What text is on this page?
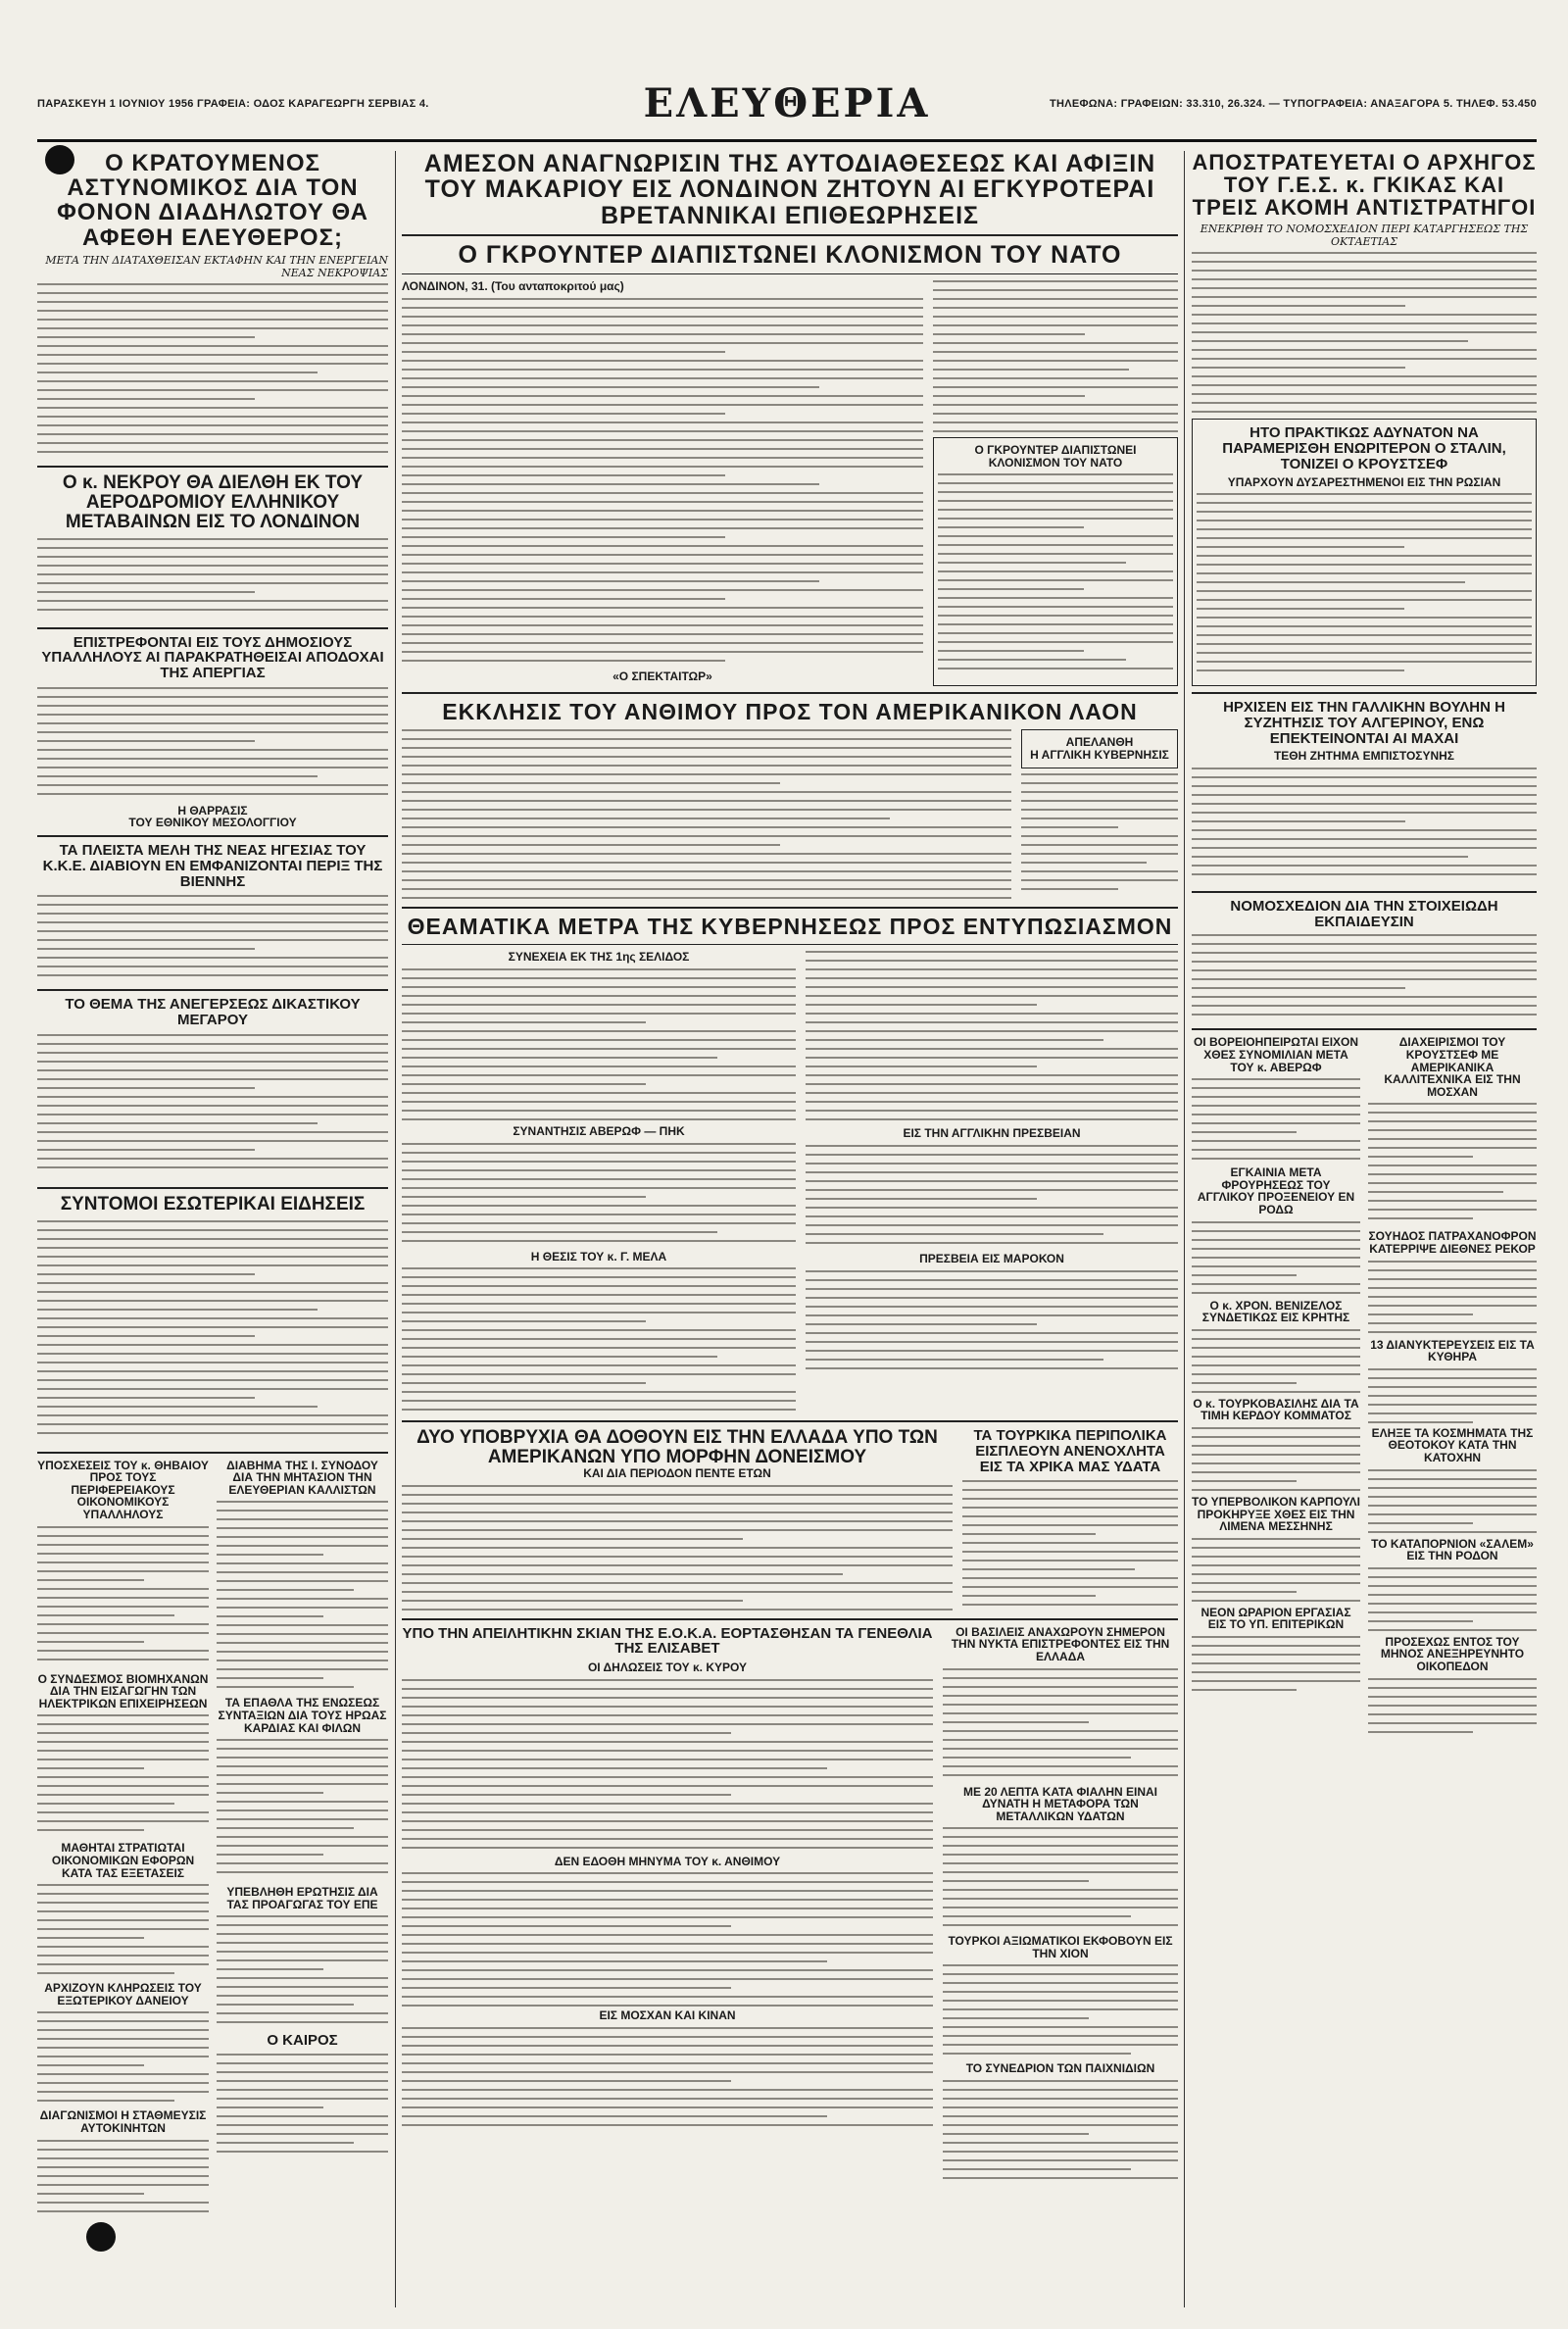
ΠΑΡΑΣΚΕΥΗ 1 ΙΟΥΝΙΟΥ 1956 ΓΡΑΦΕΙΑ: ΟΔΟΣ ΚΑΡΑΓΕΩΡΓΗ ΣΕΡΒΙΑΣ 4.	ΕΛΕΥΘΕΡΙΑ	ΤΗΛΕΦΩΝΑ: ΓΡΑΦΕΙΩΝ: 33.310, 26.324. — ΤΥΠΟΓΡΑΦΕΙΑ: ΑΝΑΞΑΓΟΡΑ 5. ΤΗΛΕΦ. 53.450
Ο ΚΡΑΤΟΥΜΕΝΟΣ ΑΣΤΥΝΟΜΙΚΟΣ ΔΙΑ ΤΟΝ ΦΟΝΟΝ ΔΙΑΔΗΛΩΤΟΥ ΘΑ ΑΦΕΘΗ ΕΛΕΥΘΕΡΟΣ;
ΜΕΤΑ ΤΗΝ ΔΙΑΤΑΧΘΕΙΣΑΝ ΕΚΤΑΦΗΝ ΚΑΙ ΤΗΝ ΕΝΕΡΓΕΙΑΝ ΝΕΑΣ ΝΕΚΡΟΨΙΑΣ
Ο κ. ΝΕΚΡΟΥ ΘΑ ΔΙΕΛΘΗ ΕΚ ΤΟΥ ΑΕΡΟΔΡΟΜΙΟΥ ΕΛΛΗΝΙΚΟΥ ΜΕΤΑΒΑΙΝΩΝ ΕΙΣ ΤΟ ΛΟΝΔΙΝΟΝ
ΕΠΙΣΤΡΕΦΟΝΤΑΙ ΕΙΣ ΤΟΥΣ ΔΗΜΟΣΙΟΥΣ ΥΠΑΛΛΗΛΟΥΣ ΑΙ ΠΑΡΑΚΡΑΤΗΘΕΙΣΑΙ ΑΠΟΔΟΧΑΙ ΤΗΣ ΑΠΕΡΓΙΑΣ
Η ΘΑΡΡΑΣΙΣ
ΤΟΥ ΕΘΝΙΚΟΥ ΜΕΣΟΛΟΓΓΙΟΥ
ΤΑ ΠΛΕΙΣΤΑ ΜΕΛΗ ΤΗΣ ΝΕΑΣ ΗΓΕΣΙΑΣ ΤΟΥ Κ.Κ.Ε. ΔΙΑΒΙΟΥΝ ΕΝ ΕΜΦΑΝΙΖΟΝΤΑΙ ΠΕΡΙΞ ΤΗΣ ΒΙΕΝΝΗΣ
ΤΟ ΘΕΜΑ ΤΗΣ ΑΝΕΓΕΡΣΕΩΣ ΔΙΚΑΣΤΙΚΟΥ ΜΕΓΑΡΟΥ
ΣΥΝΤΟΜΟΙ ΕΣΩΤΕΡΙΚΑΙ ΕΙΔΗΣΕΙΣ
ΥΠΟΣΧΕΣΕΙΣ ΤΟΥ κ. ΘΗΒΑΙΟΥ ΠΡΟΣ ΤΟΥΣ ΠΕΡΙΦΕΡΕΙΑΚΟΥΣ ΟΙΚΟΝΟΜΙΚΟΥΣ ΥΠΑΛΛΗΛΟΥΣ
Ο ΣΥΝΔΕΣΜΟΣ ΒΙΟΜΗΧΑΝΩΝ ΔΙΑ ΤΗΝ ΕΙΣΑΓΩΓΗΝ ΤΩΝ ΗΛΕΚΤΡΙΚΩΝ ΕΠΙΧΕΙΡΗΣΕΩΝ
ΜΑΘΗΤΑΙ ΣΤΡΑΤΙΩΤΑΙ ΟΙΚΟΝΟΜΙΚΩΝ ΕΦΟΡΩΝ ΚΑΤΑ ΤΑΣ ΕΞΕΤΑΣΕΙΣ
ΑΡΧΙΖΟΥΝ ΚΛΗΡΩΣΕΙΣ ΤΟΥ ΕΞΩΤΕΡΙΚΟΥ ΔΑΝΕΙΟΥ
ΔΙΑΓΩΝΙΣΜΟΙ Η ΣΤΑΘΜΕΥΣΙΣ ΑΥΤΟΚΙΝΗΤΩΝ
ΔΙΑΒΗΜΑ ΤΗΣ Ι. ΣΥΝΟΔΟΥ ΔΙΑ ΤΗΝ ΜΗΤΑΣΙΟΝ ΤΗΝ ΕΛΕΥΘΕΡΙΑΝ ΚΑΛΛΙΣΤΩΝ
ΤΑ ΕΠΑΘΛΑ ΤΗΣ ΕΝΩΣΕΩΣ ΣΥΝΤΑΞΙΩΝ ΔΙΑ ΤΟΥΣ ΗΡΩΑΣ ΚΑΡΔΙΑΣ ΚΑΙ ΦΙΛΩΝ
ΥΠΕΒΛΗΘΗ ΕΡΩΤΗΣΙΣ ΔΙΑ ΤΑΣ ΠΡΟΑΓΩΓΑΣ ΤΟΥ ΕΠΕ
Ο ΚΑΙΡΟΣ
ΑΜΕΣΟΝ ΑΝΑΓΝΩΡΙΣΙΝ ΤΗΣ ΑΥΤΟΔΙΑΘΕΣΕΩΣ ΚΑΙ ΑΦΙΞΙΝ ΤΟΥ ΜΑΚΑΡΙΟΥ ΕΙΣ ΛΟΝΔΙΝΟΝ ΖΗΤΟΥΝ ΑΙ ΕΓΚΥΡΟΤΕΡΑΙ ΒΡΕΤΑΝΝΙΚΑΙ ΕΠΙΘΕΩΡΗΣΕΙΣ
Ο ΓΚΡΟΥΝΤΕΡ ΔΙΑΠΙΣΤΩΝΕΙ ΚΛΟΝΙΣΜΟΝ ΤΟΥ ΝΑΤΟ
ΛΟΝΔΙΝΟΝ, 31. (Του ανταποκριτού μας)
«Ο ΣΠΕΚΤΑΙΤΩΡ»
Ο ΓΚΡΟΥΝΤΕΡ ΔΙΑΠΙΣΤΩΝΕΙ ΚΛΟΝΙΣΜΟΝ ΤΟΥ ΝΑΤΟ
ΕΚΚΛΗΣΙΣ ΤΟΥ ΑΝΘΙΜΟΥ ΠΡΟΣ ΤΟΝ ΑΜΕΡΙΚΑΝΙΚΟΝ ΛΑΟΝ
ΑΠΕΛΑΝΘΗ
Η ΑΓΓΛΙΚΗ ΚΥΒΕΡΝΗΣΙΣ
ΘΕΑΜΑΤΙΚΑ ΜΕΤΡΑ ΤΗΣ ΚΥΒΕΡΝΗΣΕΩΣ ΠΡΟΣ ΕΝΤΥΠΩΣΙΑΣΜΟΝ
ΣΥΝΕΧΕΙΑ ΕΚ ΤΗΣ 1ης ΣΕΛΙΔΟΣ
ΣΥΝΑΝΤΗΣΙΣ ΑΒΕΡΩΦ — ΠΗΚ
Η ΘΕΣΙΣ ΤΟΥ κ. Γ. ΜΕΛΑ
ΕΙΣ ΤΗΝ ΑΓΓΛΙΚΗΝ ΠΡΕΣΒΕΙΑΝ
ΠΡΕΣΒΕΙΑ ΕΙΣ ΜΑΡΟΚΟΝ
ΔΥΟ ΥΠΟΒΡΥΧΙΑ ΘΑ ΔΟΘΟΥΝ ΕΙΣ ΤΗΝ ΕΛΛΑΔΑ ΥΠΟ ΤΩΝ ΑΜΕΡΙΚΑΝΩΝ ΥΠΟ ΜΟΡΦΗΝ ΔΟΝΕΙΣΜΟΥ
ΚΑΙ ΔΙΑ ΠΕΡΙΟΔΟΝ ΠΕΝΤΕ ΕΤΩΝ
ΤΑ ΤΟΥΡΚΙΚΑ ΠΕΡΙΠΟΛΙΚΑ ΕΙΣΠΛΕΟΥΝ ΑΝΕΝΟΧΛΗΤΑ ΕΙΣ ΤΑ ΧΡΙΚΑ ΜΑΣ ΥΔΑΤΑ
ΥΠΟ ΤΗΝ ΑΠΕΙΛΗΤΙΚΗΝ ΣΚΙΑΝ ΤΗΣ Ε.Ο.Κ.Α. ΕΟΡΤΑΣΘΗΣΑΝ ΤΑ ΓΕΝΕΘΛΙΑ ΤΗΣ ΕΛΙΣΑΒΕΤ
ΟΙ ΔΗΛΩΣΕΙΣ ΤΟΥ κ. ΚΥΡΟΥ
ΔΕΝ ΕΔΟΘΗ ΜΗΝΥΜΑ ΤΟΥ κ. ΑΝΘΙΜΟΥ
ΕΙΣ ΜΟΣΧΑΝ ΚΑΙ ΚΙΝΑΝ
ΟΙ ΒΑΣΙΛΕΙΣ ΑΝΑΧΩΡΟΥΝ ΣΗΜΕΡΟΝ ΤΗΝ ΝΥΚΤΑ ΕΠΙΣΤΡΕΦΟΝΤΕΣ ΕΙΣ ΤΗΝ ΕΛΛΑΔΑ
ΜΕ 20 ΛΕΠΤΑ ΚΑΤΑ ΦΙΑΛΗΝ ΕΙΝΑΙ ΔΥΝΑΤΗ Η ΜΕΤΑΦΟΡΑ ΤΩΝ ΜΕΤΑΛΛΙΚΩΝ ΥΔΑΤΩΝ
ΤΟΥΡΚΟΙ ΑΞΙΩΜΑΤΙΚΟΙ ΕΚΦΟΒΟΥΝ ΕΙΣ ΤΗΝ ΧΙΟΝ
ΤΟ ΣΥΝΕΔΡΙΟΝ ΤΩΝ ΠΑΙΧΝΙΔΙΩΝ
ΑΠΟΣΤΡΑΤΕΥΕΤΑΙ Ο ΑΡΧΗΓΟΣ ΤΟΥ Γ.Ε.Σ. κ. ΓΚΙΚΑΣ ΚΑΙ ΤΡΕΙΣ ΑΚΟΜΗ ΑΝΤΙΣΤΡΑΤΗΓΟΙ
ΕΝΕΚΡΙΘΗ ΤΟ ΝΟΜΟΣΧΕΔΙΟΝ ΠΕΡΙ ΚΑΤΑΡΓΗΣΕΩΣ ΤΗΣ ΟΚΤΑΕΤΙΑΣ
ΗΤΟ ΠΡΑΚΤΙΚΩΣ ΑΔΥΝΑΤΟΝ ΝΑ ΠΑΡΑΜΕΡΙΣΘΗ ΕΝΩΡΙΤΕΡΟΝ Ο ΣΤΑΛΙΝ, ΤΟΝΙΖΕΙ Ο ΚΡΟΥΣΤΣΕΦ
ΥΠΑΡΧΟΥΝ ΔΥΣΑΡΕΣΤΗΜΕΝΟΙ ΕΙΣ ΤΗΝ ΡΩΣΙΑΝ
ΗΡΧΙΣΕΝ ΕΙΣ ΤΗΝ ΓΑΛΛΙΚΗΝ ΒΟΥΛΗΝ Η ΣΥΖΗΤΗΣΙΣ ΤΟΥ ΑΛΓΕΡΙΝΟΥ, ΕΝΩ ΕΠΕΚΤΕΙΝΟΝΤΑΙ ΑΙ ΜΑΧΑΙ
ΤΕΘΗ ΖΗΤΗΜΑ ΕΜΠΙΣΤΟΣΥΝΗΣ
ΝΟΜΟΣΧΕΔΙΟΝ ΔΙΑ ΤΗΝ ΣΤΟΙΧΕΙΩΔΗ ΕΚΠΑΙΔΕΥΣΙΝ
ΟΙ ΒΟΡΕΙΟΗΠΕΙΡΩΤΑΙ ΕΙΧΟΝ ΧΘΕΣ ΣΥΝΟΜΙΛΙΑΝ ΜΕΤΑ ΤΟΥ κ. ΑΒΕΡΩΦ
ΕΓΚΑΙΝΙΑ ΜΕΤΑ ΦΡΟΥΡΗΣΕΩΣ ΤΟΥ ΑΓΓΛΙΚΟΥ ΠΡΟΞΕΝΕΙΟΥ ΕΝ ΡΟΔΩ
Ο κ. ΧΡΟΝ. ΒΕΝΙΖΕΛΟΣ ΣΥΝΔΕΤΙΚΩΣ ΕΙΣ ΚΡΗΤΗΣ
Ο κ. ΤΟΥΡΚΟΒΑΣΙΛΗΣ ΔΙΑ ΤΑ ΤΙΜΗ ΚΕΡΔΟΥ ΚΟΜΜΑΤΟΣ
ΤΟ ΥΠΕΡΒΟΛΙΚΟΝ ΚΑΡΠΟΥΛΙ ΠΡΟΚΗΡΥΞΕ ΧΘΕΣ ΕΙΣ ΤΗΝ ΛΙΜΕΝΑ ΜΕΣΣΗΝΗΣ
ΝΕΟΝ ΩΡΑΡΙΟΝ ΕΡΓΑΣΙΑΣ ΕΙΣ ΤΟ ΥΠ. ΕΠΙΤΕΡΙΚΩΝ
ΔΙΑΧΕΙΡΙΣΜΟΙ ΤΟΥ ΚΡΟΥΣΤΣΕΦ ΜΕ ΑΜΕΡΙΚΑΝΙΚΑ ΚΑΛΛΙΤΕΧΝΙΚΑ ΕΙΣ ΤΗΝ ΜΟΣΧΑΝ
ΣΟΥΗΔΟΣ ΠΑΤΡΑΧΑΝΟΦΡΟΝ ΚΑΤΕΡΡΙΨΕ ΔΙΕΘΝΕΣ ΡΕΚΟΡ
13 ΔΙΑΝΥΚΤΕΡΕΥΣΕΙΣ ΕΙΣ ΤΑ ΚΥΘΗΡΑ
ΕΛΗΞΕ ΤΑ ΚΟΣΜΗΜΑΤΑ ΤΗΣ ΘΕΟΤΟΚΟΥ ΚΑΤΑ ΤΗΝ ΚΑΤΟΧΗΝ
ΤΟ ΚΑΤΑΠΟΡΝΙΟΝ «ΣΑΛΕΜ» ΕΙΣ ΤΗΝ ΡΟΔΟΝ
ΠΡΟΣΕΧΩΣ ΕΝΤΟΣ ΤΟΥ ΜΗΝΟΣ ΑΝΕΞΗΡΕΥΝΗΤΟ ΟΙΚΟΠΕΔΟΝ
